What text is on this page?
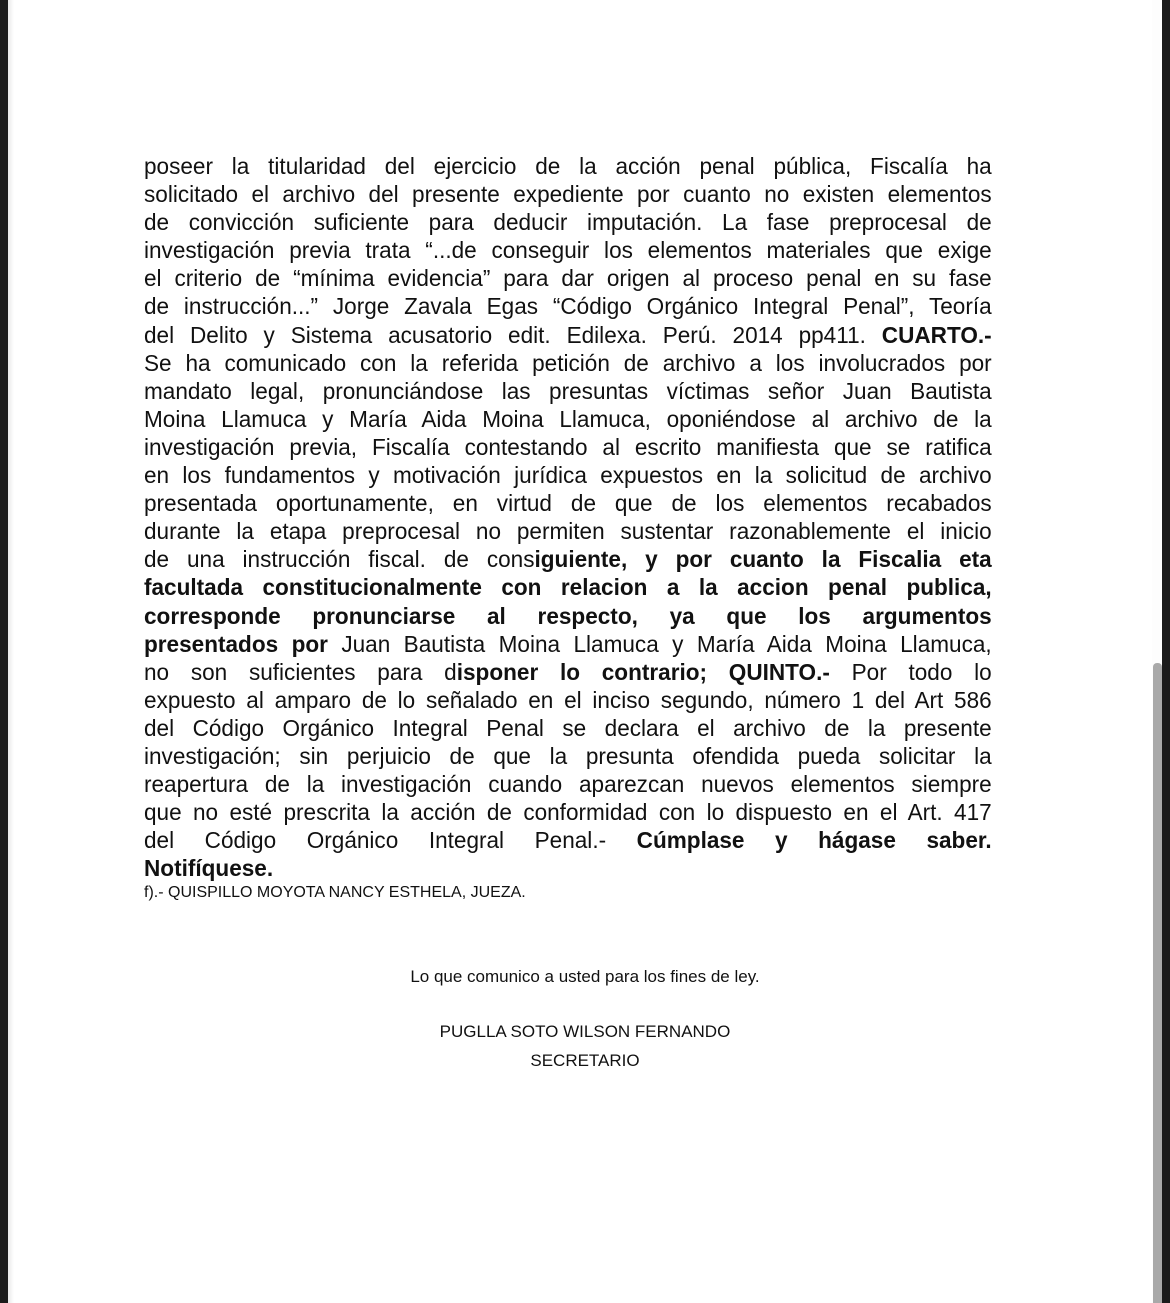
poseer la titularidad del ejercicio de la acción penal pública, Fiscalía ha
solicitado el archivo del presente expediente por cuanto no existen elementos
de convicción suficiente para deducir imputación. La fase preprocesal de
investigación previa trata “...de conseguir los elementos materiales que exige
el criterio de “mínima evidencia” para dar origen al proceso penal en su fase
de instrucción...” Jorge Zavala Egas “Código Orgánico Integral Penal”, Teoría
del Delito y Sistema acusatorio edit. Edilexa. Perú. 2014 pp411. CUARTO.-
Se ha comunicado con la referida petición de archivo a los involucrados por
mandato legal, pronunciándose las presuntas víctimas señor Juan Bautista
Moina Llamuca y María Aida Moina Llamuca, oponiéndose al archivo de la
investigación previa, Fiscalía contestando al escrito manifiesta que se ratifica
en los fundamentos y motivación jurídica expuestos en la solicitud de archivo
presentada oportunamente, en virtud de que de los elementos recabados
durante la etapa preprocesal no permiten sustentar razonablemente el inicio
de una instrucción fiscal. de consiguiente, y por cuanto la Fiscalia eta
facultada constitucionalmente con relacion a la accion penal publica,
corresponde pronunciarse al respecto, ya que los argumentos
presentados por Juan Bautista Moina Llamuca y María Aida Moina Llamuca,
no son suficientes para disponer lo contrario; QUINTO.- Por todo lo
expuesto al amparo de lo señalado en el inciso segundo, número 1 del Art 586
del Código Orgánico Integral Penal se declara el archivo de la presente
investigación; sin perjuicio de que la presunta ofendida pueda solicitar la
reapertura de la investigación cuando aparezcan nuevos elementos siempre
que no esté prescrita la acción de conformidad con lo dispuesto en el Art. 417
del Código Orgánico Integral Penal.- Cúmplase y hágase saber.
Notifíquese.
f).- QUISPILLO MOYOTA NANCY ESTHELA, JUEZA.
Lo que comunico a usted para los fines de ley.
PUGLLA SOTO WILSON FERNANDO
SECRETARIO
